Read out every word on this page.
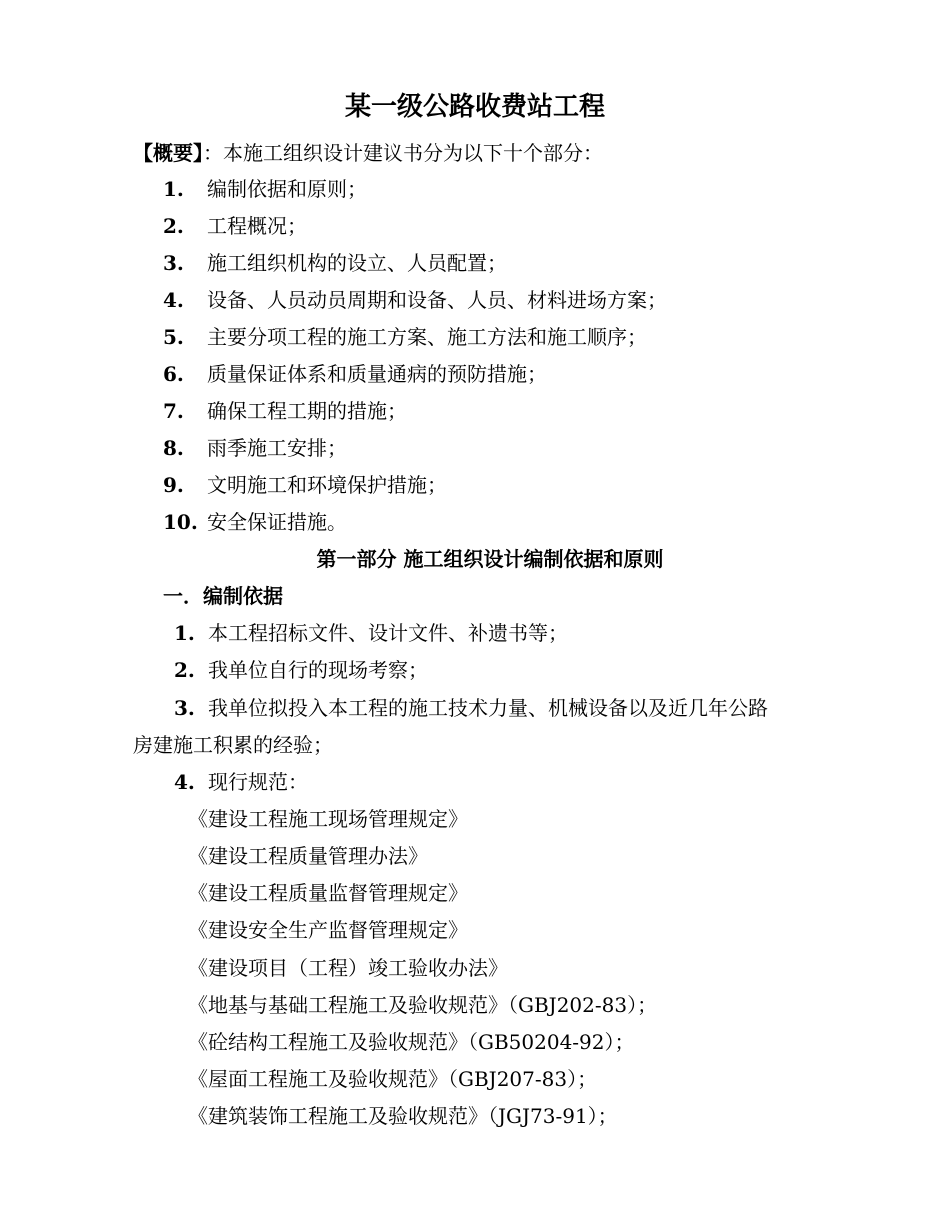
某一级公路收费站工程
【概要】：本施工组织设计建议书分为以下十个部分：
1. 编制依据和原则；
2. 工程概况；
3. 施工组织机构的设立、人员配置；
4. 设备、人员动员周期和设备、人员、材料进场方案；
5. 主要分项工程的施工方案、施工方法和施工顺序；
6. 质量保证体系和质量通病的预防措施；
7. 确保工程工期的措施；
8. 雨季施工安排；
9. 文明施工和环境保护措施；
10. 安全保证措施。
第一部分 施工组织设计编制依据和原则
一．编制依据
1. 本工程招标文件、设计文件、补遗书等；
2. 我单位自行的现场考察；
3. 我单位拟投入本工程的施工技术力量、机械设备以及近几年公路
房建施工积累的经验；
4. 现行规范：
《建设工程施工现场管理规定》
《建设工程质量管理办法》
《建设工程质量监督管理规定》
《建设安全生产监督管理规定》
《建设项目（工程）竣工验收办法》
《地基与基础工程施工及验收规范》（GBJ202-83）；
《砼结构工程施工及验收规范》（GB50204-92）；
《屋面工程施工及验收规范》（GBJ207-83）；
《建筑装饰工程施工及验收规范》（JGJ73-91）；
